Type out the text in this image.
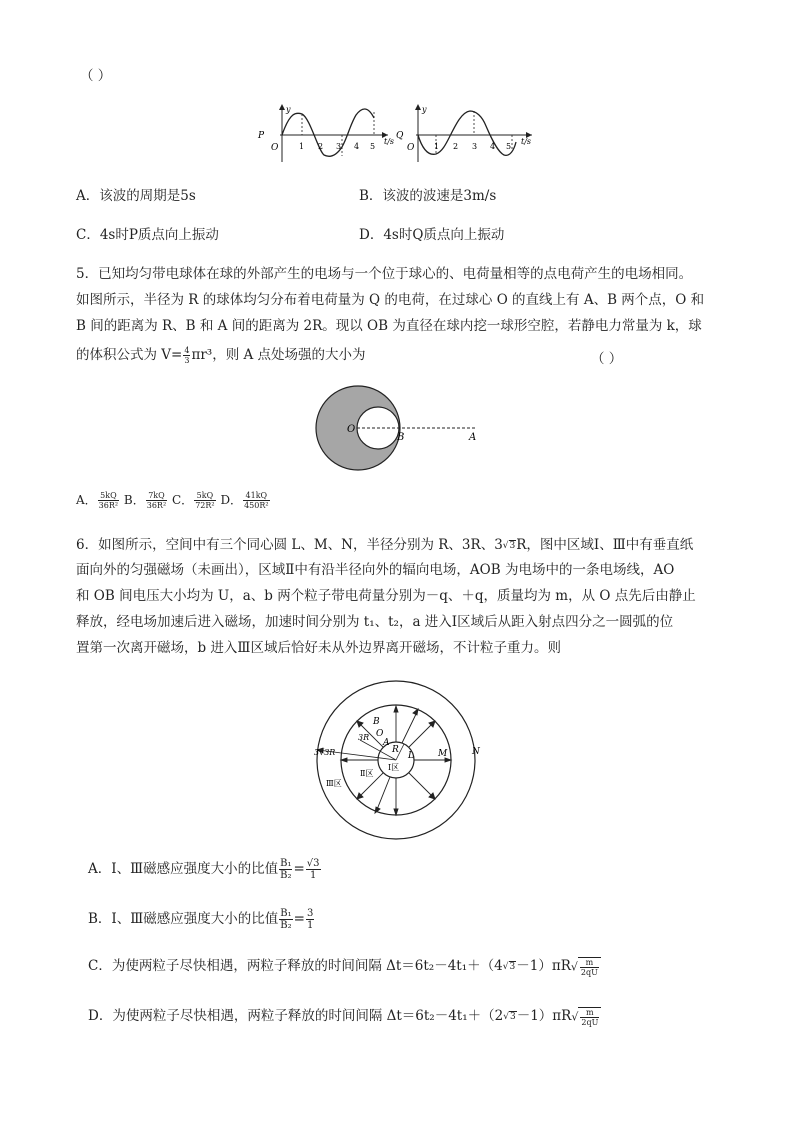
（ ）
y
P
O	1 2 3 4 5
t/s
y
Q
O 1 2 3 4 5
t/s
A．该波的周期是5s	B．该波的波速是3m/s
C．4s时P质点向上振动	D．4s时Q质点向上振动
5．已知均匀带电球体在球的外部产生的电场与一个位于球心的、电荷量相等的点电荷产生的电场相同。
如图所示，半径为 R 的球体均匀分布着电荷量为 Q 的电荷，在过球心 O 的直线上有 A、B 两个点，O 和
B 间的距离为 R、B 和 A 间的距离为 2R。现以 OB 为直径在球内挖一球形空腔，若静电力常量为 k，球
的体积公式为 $V= \frac{4}{3} \pi r^3$，则 A 点处场强的大小为	（ ）
O
B	A
A． $\frac{5kQ}{\text{36R²}}$ B． $\frac{7kQ}{\text{36R²}}$ C． $\frac{5kQ}{\text{72R²}}$ D． $\frac{41kQ}{\text{450R²}}$
6．如图所示，空间中有三个同心圆 L、M、N，半径分别为 R、3R、3√3R，图中区域Ⅰ、Ⅲ中有垂直纸
面向外的匀强磁场（未画出），区域Ⅱ中有沿半径向外的辐向电场，AOB 为电场中的一条电场线，AO
和 OB 间电压大小均为 U，a、b 两个粒子带电荷量分别为－q、＋q，质量均为 m，从 O 点先后由静止
释放，经电场加速后进入磁场，加速时间分别为 t₁、t₂，a 进入Ⅰ区域后从距入射点四分之一圆弧的位
置第一次离开磁场，b 进入Ⅲ区域后恰好未从外边界离开磁场，不计粒子重力。则
B
O
A
R
L	M	N
3R
3√3R
Ⅰ区
Ⅱ区
Ⅲ区
A．Ⅰ、Ⅲ磁感应强度大小的比值 $\frac{\text{B₁}}{\text{B₂}} = \frac{√3}{1}$
B．Ⅰ、Ⅲ磁感应强度大小的比值 $\frac{\text{B₁}}{\text{B₂}} = \frac{3}{1}$
C．为使两粒子尽快相遇，两粒子释放的时间间隔 $\Delta t=6t_2-4t_1+(4√3-1)\pi R√ \frac{m}{2qU}$
D．为使两粒子尽快相遇，两粒子释放的时间间隔 $\Delta t=6t_2-4t_1+(2√3-1)\pi R√ \frac{m}{2qU}$
